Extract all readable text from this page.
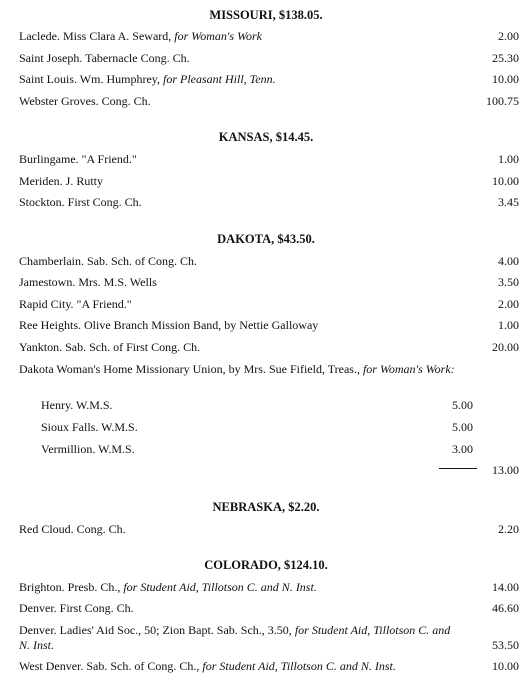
MISSOURI, $138.05.
Laclede. Miss Clara A. Seward, for Woman's Work	2.00
Saint Joseph. Tabernacle Cong. Ch.	25.30
Saint Louis. Wm. Humphrey, for Pleasant Hill, Tenn.	10.00
Webster Groves. Cong. Ch.	100.75
KANSAS, $14.45.
Burlingame. "A Friend."	1.00
Meriden. J. Rutty	10.00
Stockton. First Cong. Ch.	3.45
DAKOTA, $43.50.
Chamberlain. Sab. Sch. of Cong. Ch.	4.00
Jamestown. Mrs. M.S. Wells	3.50
Rapid City. "A Friend."	2.00
Ree Heights. Olive Branch Mission Band, by Nettie Galloway	1.00
Yankton. Sab. Sch. of First Cong. Ch.	20.00
Dakota Woman's Home Missionary Union, by Mrs. Sue Fifield, Treas., for Woman's Work:
Henry. W.M.S.	5.00
Sioux Falls. W.M.S.	5.00
Vermillion. W.M.S.	3.00
13.00
NEBRASKA, $2.20.
Red Cloud. Cong. Ch.	2.20
COLORADO, $124.10.
Brighton. Presb. Ch., for Student Aid, Tillotson C. and N. Inst.	14.00
Denver. First Cong. Ch.	46.60
Denver. Ladies' Aid Soc., 50; Zion Bapt. Sab. Sch., 3.50, for Student Aid, Tillotson C. and N. Inst.	53.50
West Denver. Sab. Sch. of Cong. Ch., for Student Aid, Tillotson C. and N. Inst.	10.00
